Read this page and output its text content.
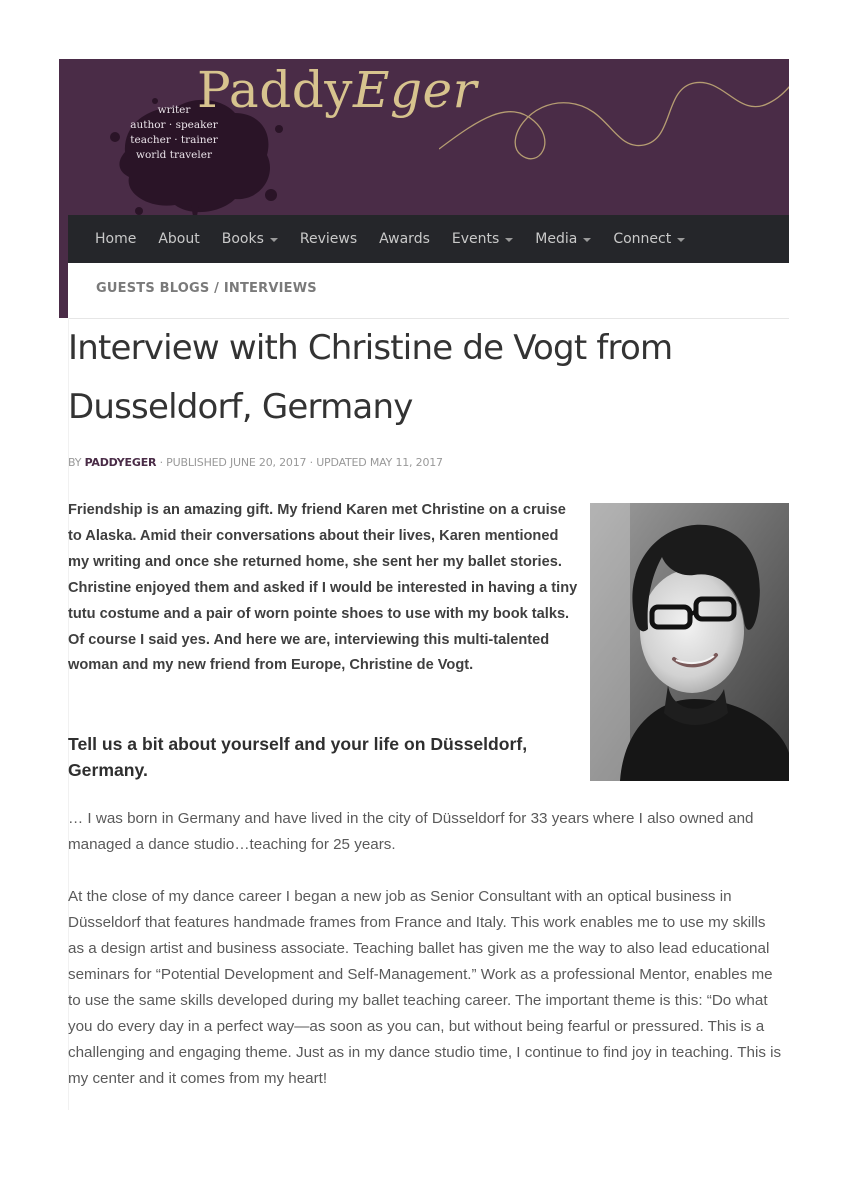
writer
author · speaker
teacher · trainer
world traveler
PaddyEger
Home About Books	Reviews Awards Events	Media	Connect
GUESTS BLOGS / INTERVIEWS
Interview with Christine de Vogt from Dusseldorf, Germany
BY PADDYEGER · PUBLISHED JUNE 20, 2017 · UPDATED MAY 11, 2017

Friendship is an amazing gift. My friend Karen met Christine on a cruise to Alaska. Amid their conversations about their lives, Karen mentioned my writing and once she returned home, she sent her my ballet stories. Christine enjoyed them and asked if I would be interested in having a tiny tutu costume and a pair of worn pointe shoes to use with my book talks. Of course I said yes. And here we are, interviewing this multi-talented woman and my new friend from Europe, Christine de Vogt.

Tell us a bit about yourself and your life on Düsseldorf, Germany.

… I was born in Germany and have lived in the city of Düsseldorf for 33 years where I also owned and managed a dance studio…teaching for 25 years.

At the close of my dance career I began a new job as Senior Consultant with an optical business in Düsseldorf that features handmade frames from France and Italy. This work enables me to use my skills as a design artist and business associate. Teaching ballet has given me the way to also lead educational seminars for “Potential Development and Self-Management.” Work as a professional Mentor, enables me to use the same skills developed during my ballet teaching career. The important theme is this: “Do what you do every day in a perfect way—as soon as you can, but without being fearful or pressured. This is a challenging and engaging theme. Just as in my dance studio time, I continue to find joy in teaching. This is my center and it comes from my heart!
